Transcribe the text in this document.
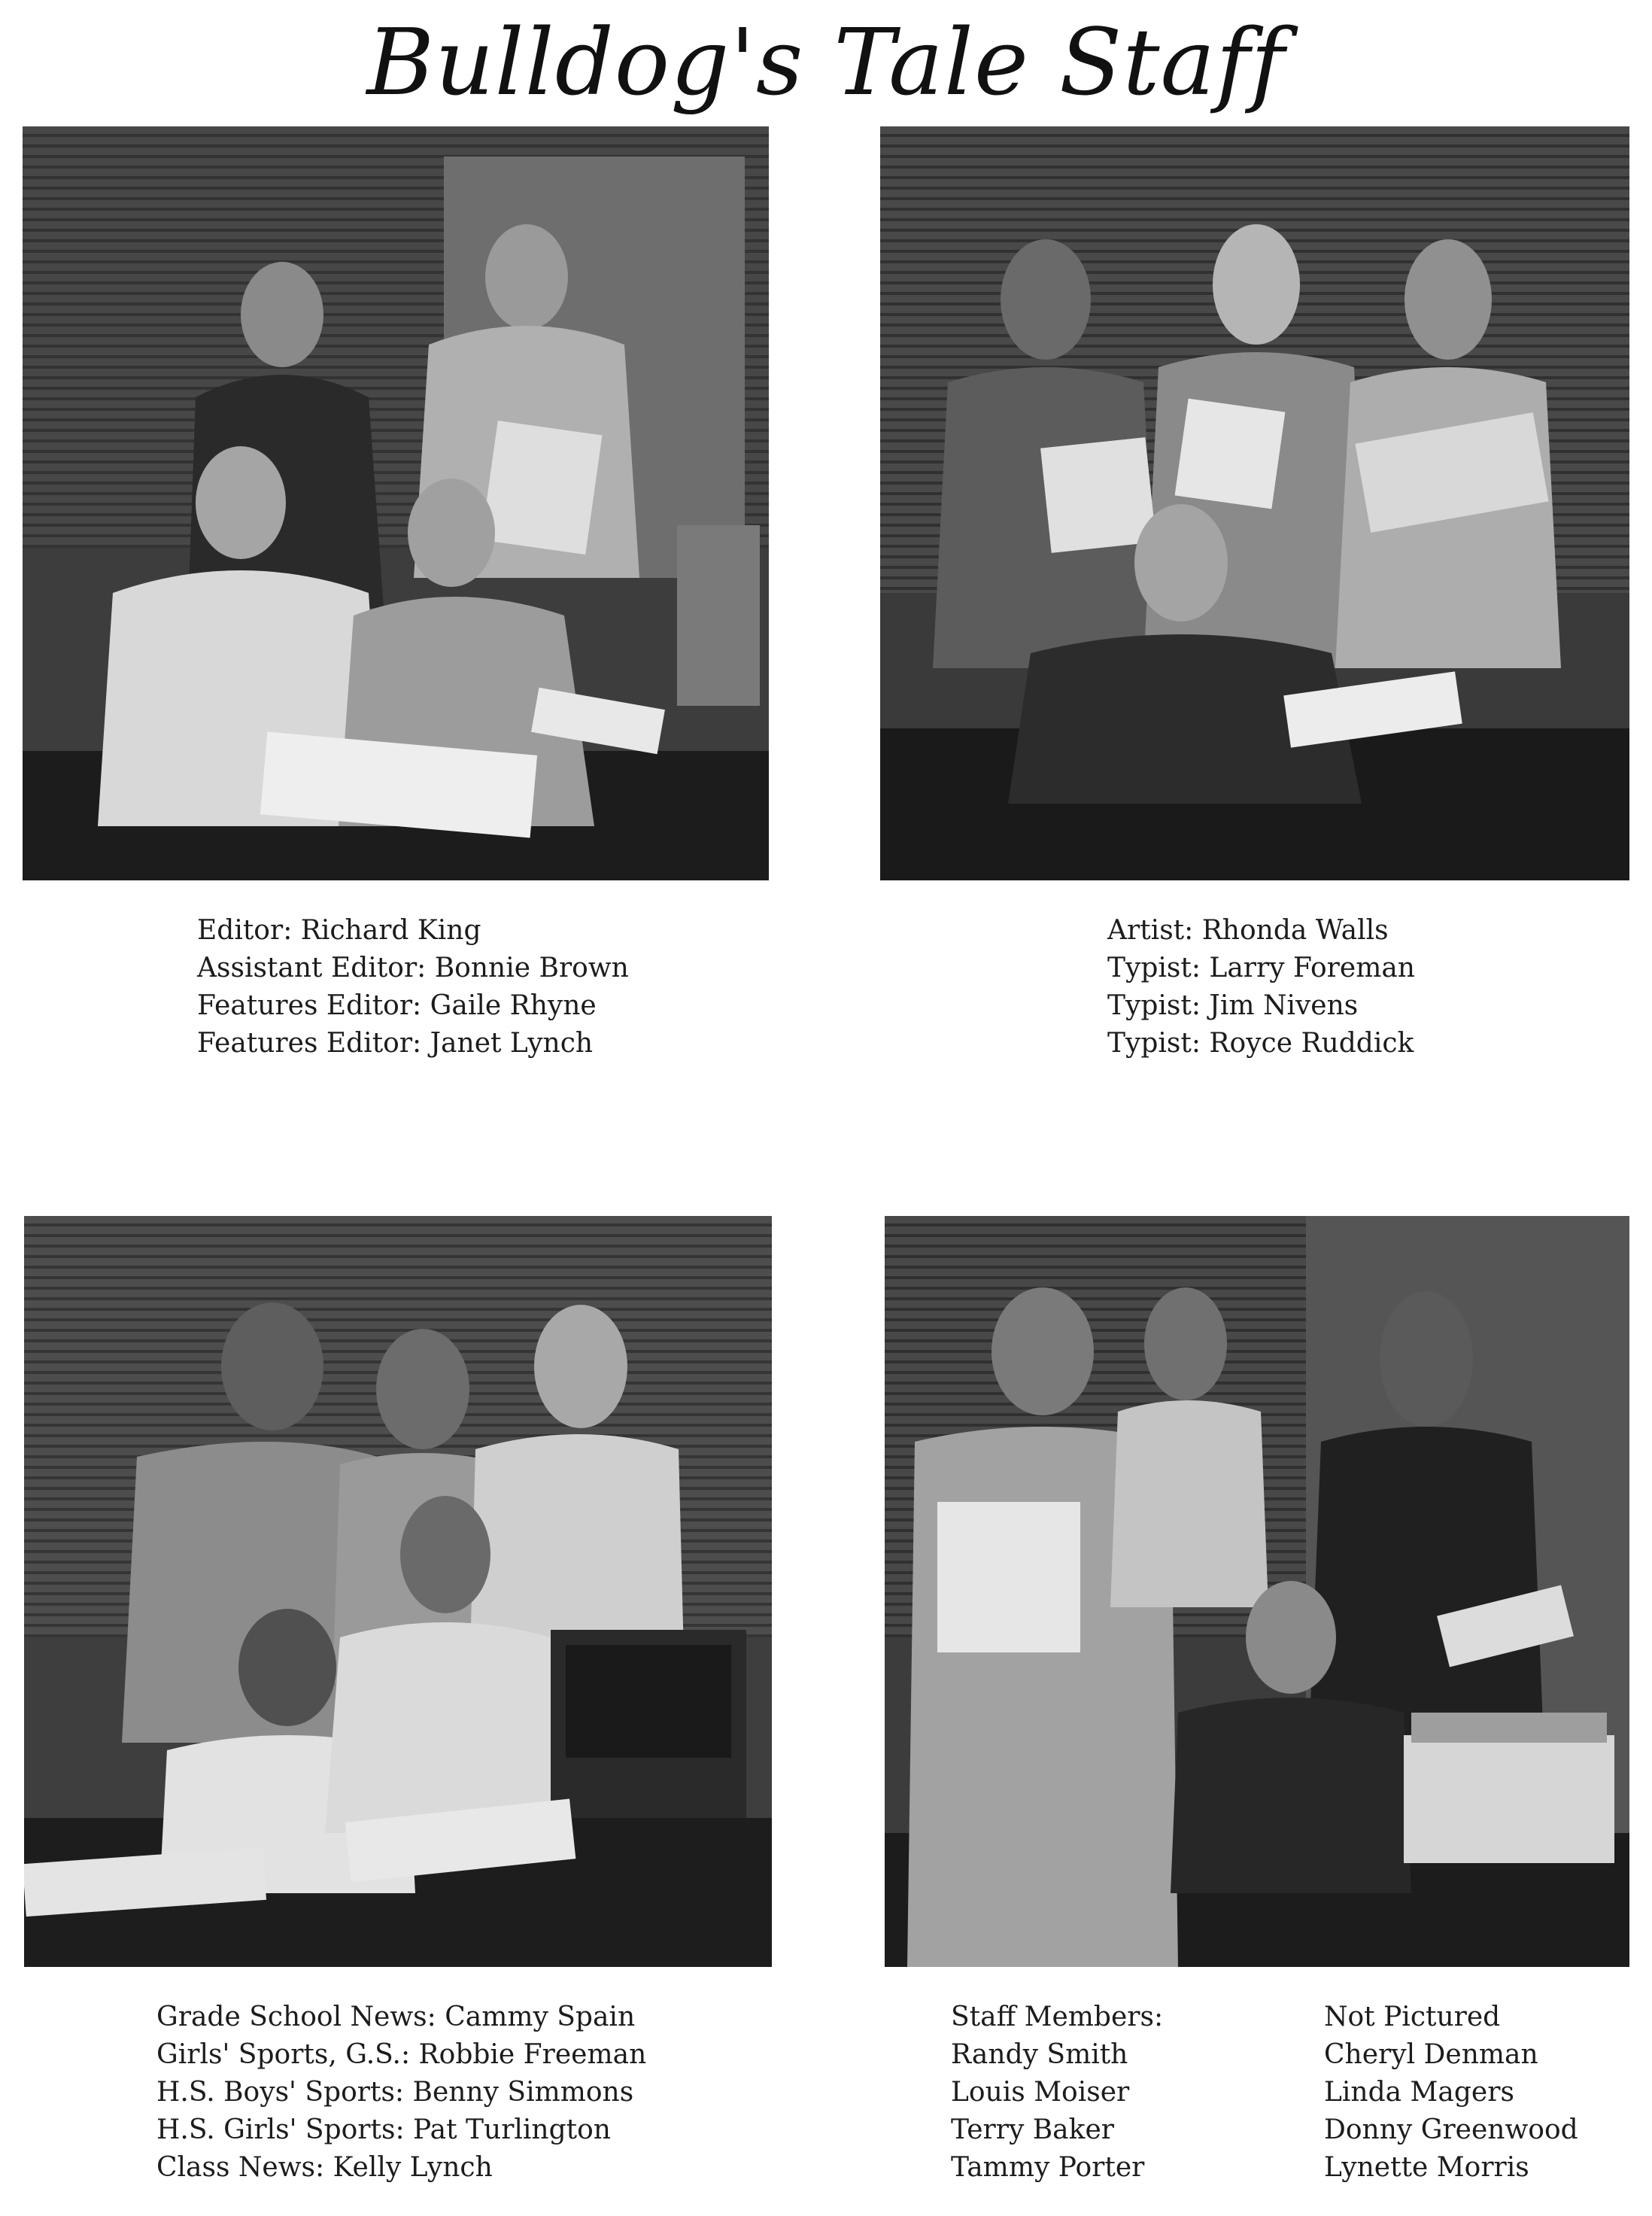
Bulldog's Tale Staff
Editor: Richard King
Assistant Editor: Bonnie Brown
Features Editor: Gaile Rhyne
Features Editor: Janet Lynch
Artist: Rhonda Walls
Typist: Larry Foreman
Typist: Jim Nivens
Typist: Royce Ruddick
Grade School News: Cammy Spain
Girls' Sports, G.S.: Robbie Freeman
H.S. Boys' Sports: Benny Simmons
H.S. Girls' Sports: Pat Turlington
Class News: Kelly Lynch
Staff Members:
Randy Smith
Louis Moiser
Terry Baker
Tammy Porter
Not Pictured
Cheryl Denman
Linda Magers
Donny Greenwood
Lynette Morris
